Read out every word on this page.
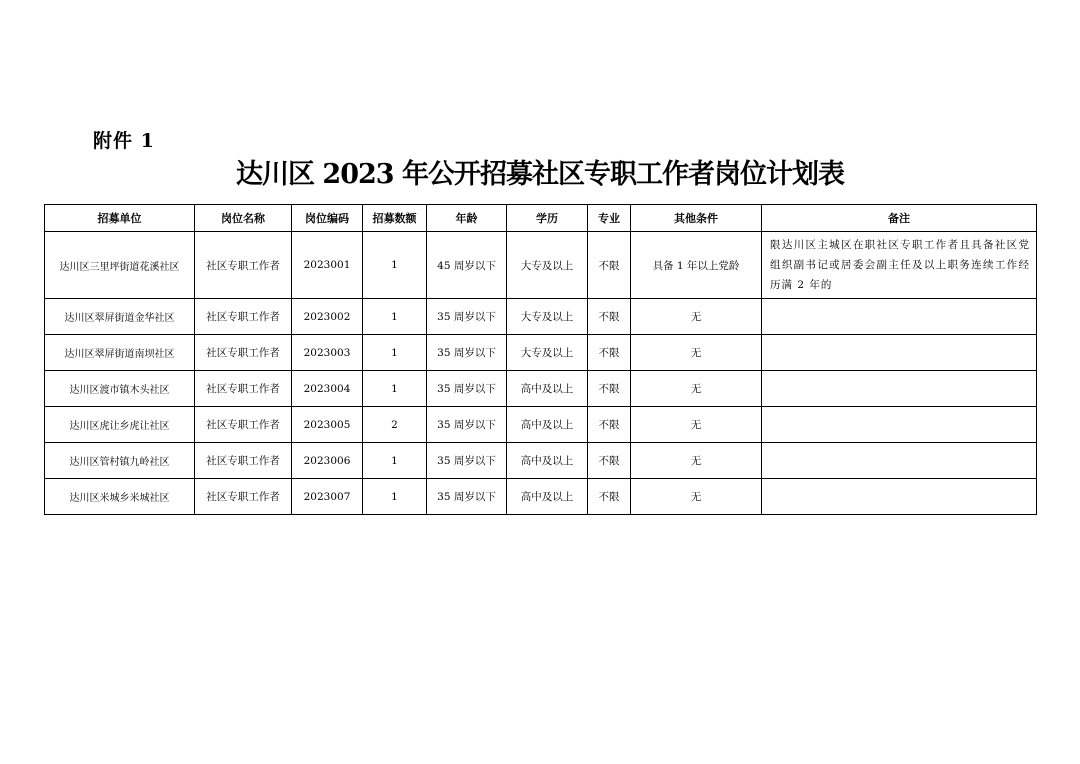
附件 1
达川区 2023 年公开招募社区专职工作者岗位计划表
招募单位	岗位名称	岗位编码	招募数额	年龄	学历	专业	其他条件	备注
达川区三里坪街道花溪社区	社区专职工作者	2023001	1	45 周岁以下	大专及以上	不限	具备 1 年以上党龄	限达川区主城区在职社区专职工作者且具备社区党组织副书记或居委会副主任及以上职务连续工作经历满 2 年的
达川区翠屏街道金华社区	社区专职工作者	2023002	1	35 周岁以下	大专及以上	不限	无	
达川区翠屏街道南坝社区	社区专职工作者	2023003	1	35 周岁以下	大专及以上	不限	无	
达川区渡市镇木头社区	社区专职工作者	2023004	1	35 周岁以下	高中及以上	不限	无	
达川区虎让乡虎让社区	社区专职工作者	2023005	2	35 周岁以下	高中及以上	不限	无	
达川区管村镇九岭社区	社区专职工作者	2023006	1	35 周岁以下	高中及以上	不限	无	
达川区米城乡米城社区	社区专职工作者	2023007	1	35 周岁以下	高中及以上	不限	无	
